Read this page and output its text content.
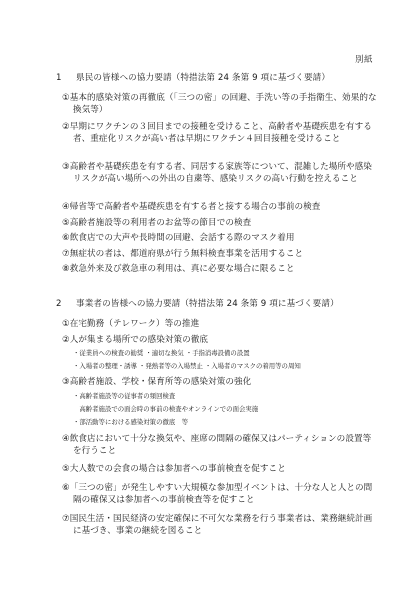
別紙
1 県民の皆様への協力要請（特措法第 24 条第 9 項に基づく要請）
①基本的感染対策の再徹底（「三つの密」の回避、手洗い等の手指衛生、効果的な換気等）
②早期にワクチンの３回目までの接種を受けること、高齢者や基礎疾患を有する者、重症化リスクが高い者は早期にワクチン４回目接種を受けること
③高齢者や基礎疾患を有する者、同居する家族等について、混雑した場所や感染リスクが高い場所への外出の自粛等、感染リスクの高い行動を控えること
④帰省等で高齢者や基礎疾患を有する者と接する場合の事前の検査
⑤高齢者施設等の利用者のお盆等の節目での検査
⑥飲食店での大声や長時間の回避、会話する際のマスク着用
⑦無症状の者は、都道府県が行う無料検査事業を活用すること
⑧救急外来及び救急車の利用は、真に必要な場合に限ること
2 事業者の皆様への協力要請（特措法第 24 条第 9 項に基づく要請）
①在宅勤務（テレワーク）等の推進
②人が集まる場所での感染対策の徹底
・従業員への検査の勧奨 ・適切な換気 ・手指消毒設備の設置
・入場者の整理・誘導 ・発熱者等の入場禁止 ・入場者のマスクの着用等の周知
③高齢者施設、学校・保育所等の感染対策の強化
・高齢者施設等の従事者の頻回検査
　高齢者施設での面会時の事前の検査やオンラインでの面会実施
・部活動等における感染対策の徹底　等
④飲食店において十分な換気や、座席の間隔の確保又はパーティションの設置等を行うこと
⑤大人数での会食の場合は参加者への事前検査を促すこと
⑥「三つの密」が発生しやすい大規模な参加型イベントは、十分な人と人との間隔の確保又は参加者への事前検査等を促すこと
⑦国民生活・国民経済の安定確保に不可欠な業務を行う事業者は、業務継続計画に基づき、事業の継続を図ること
